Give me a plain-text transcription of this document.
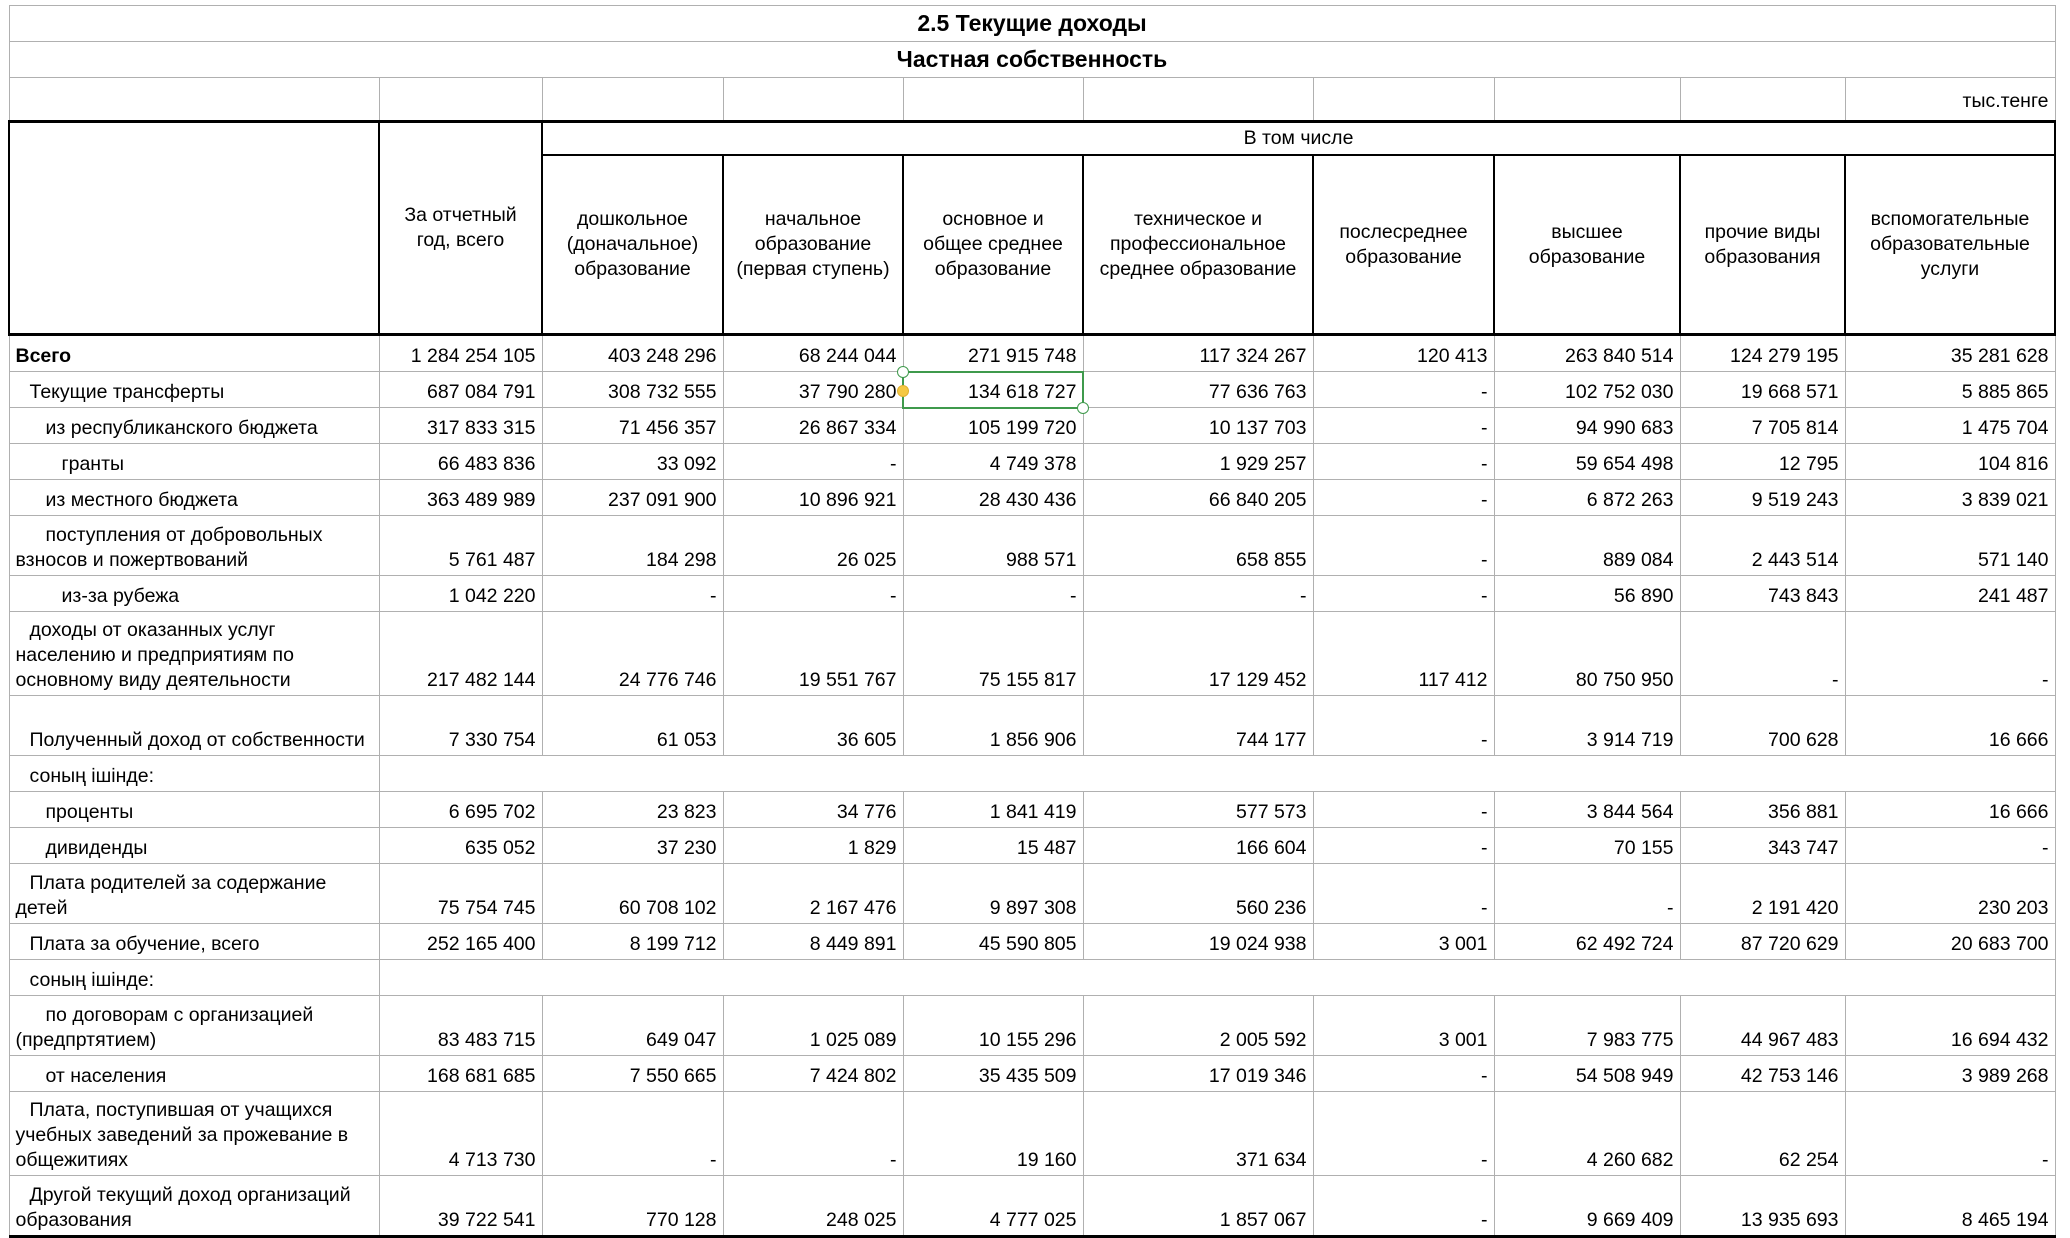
2.5 Текущие доходы									
Частная собственность									
									тыс.тенге
	За отчетный год, всего	В том числе							
		дошкольное (доначальное) образование	начальное образование (первая ступень)	основное и общее среднее образование	техническое и профессиональное среднее образование	послесреднее образование	высшее образование	прочие виды образования	вспомогательные образовательные услуги
Всего	1 284 254 105	403 248 296	68 244 044	271 915 748	117 324 267	120 413	263 840 514	124 279 195	35 281 628
Текущие трансферты	687 084 791	308 732 555	37 790 280	134 618 727	77 636 763	-	102 752 030	19 668 571	5 885 865
из республиканского бюджета	317 833 315	71 456 357	26 867 334	105 199 720	10 137 703	-	94 990 683	7 705 814	1 475 704
гранты	66 483 836	33 092	-	4 749 378	1 929 257	-	59 654 498	12 795	104 816
из местного бюджета	363 489 989	237 091 900	10 896 921	28 430 436	66 840 205	-	6 872 263	9 519 243	3 839 021
поступления от добровольных взносов и пожертвований	5 761 487	184 298	26 025	988 571	658 855	-	889 084	2 443 514	571 140
из-за рубежа	1 042 220	-	-	-	-	-	56 890	743 843	241 487
доходы от оказанных услуг населению и предприятиям по основному виду деятельности	217 482 144	24 776 746	19 551 767	75 155 817	17 129 452	117 412	80 750 950	-	-
Полученный доход от собственности	7 330 754	61 053	36 605	1 856 906	744 177	-	3 914 719	700 628	16 666
соның ішінде:									
проценты	6 695 702	23 823	34 776	1 841 419	577 573	-	3 844 564	356 881	16 666
дивиденды	635 052	37 230	1 829	15 487	166 604	-	70 155	343 747	-
Плата родителей за содержание детей	75 754 745	60 708 102	2 167 476	9 897 308	560 236	-	-	2 191 420	230 203
Плата за обучение, всего	252 165 400	8 199 712	8 449 891	45 590 805	19 024 938	3 001	62 492 724	87 720 629	20 683 700
соның ішінде:									
по договорам с организацией (предпртятием)	83 483 715	649 047	1 025 089	10 155 296	2 005 592	3 001	7 983 775	44 967 483	16 694 432
от населения	168 681 685	7 550 665	7 424 802	35 435 509	17 019 346	-	54 508 949	42 753 146	3 989 268
Плата, поступившая от учащихся учебных заведений за прожевание в общежитиях	4 713 730	-	-	19 160	371 634	-	4 260 682	62 254	-
Другой текущий доход организаций образования	39 722 541	770 128	248 025	4 777 025	1 857 067	-	9 669 409	13 935 693	8 465 194
